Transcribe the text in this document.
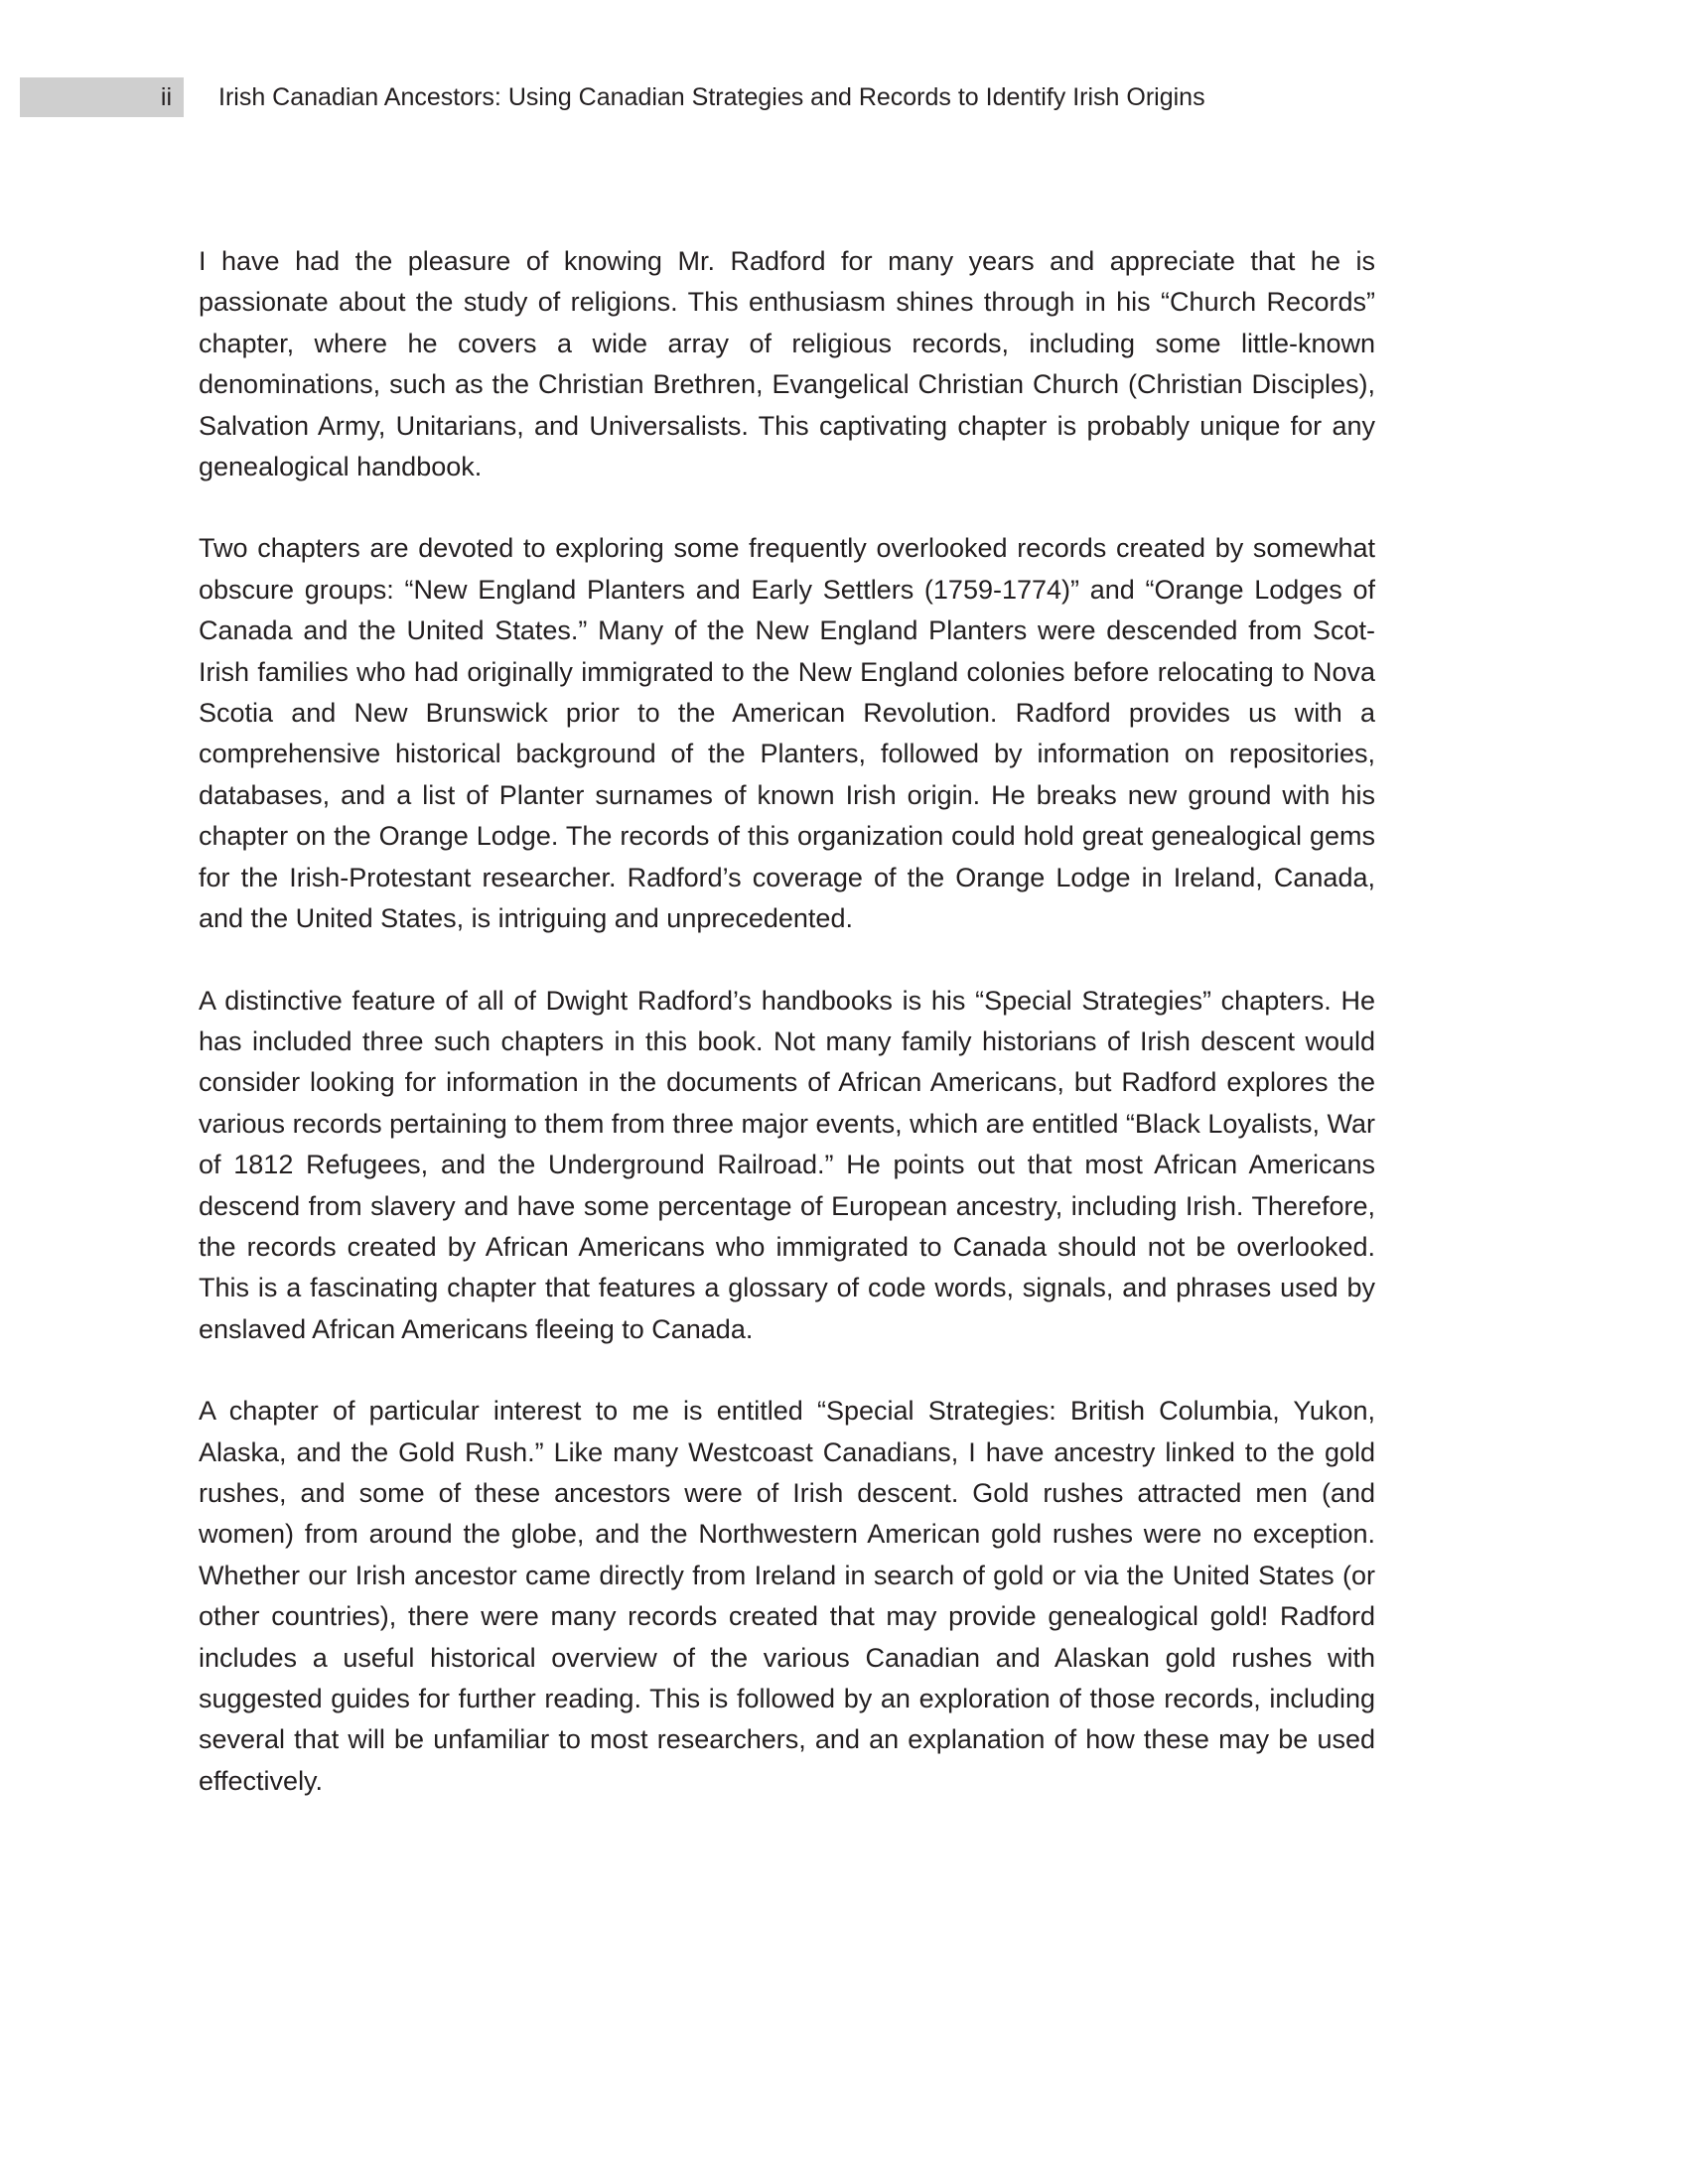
ii Irish Canadian Ancestors: Using Canadian Strategies and Records to Identify Irish Origins

I have had the pleasure of knowing Mr. Radford for many years and appreciate that he is passionate about the study of religions. This enthusiasm shines through in his “Church Records” chapter, where he covers a wide array of religious records, including some little-known denominations, such as the Christian Brethren, Evangelical Christian Church (Christian Disciples), Salvation Army, Unitarians, and Universalists. This captivating chapter is probably unique for any genealogical handbook.

Two chapters are devoted to exploring some frequently overlooked records created by somewhat obscure groups: “New England Planters and Early Settlers (1759-1774)” and “Orange Lodges of Canada and the United States.” Many of the New England Planters were descended from Scot-Irish families who had originally immigrated to the New England colonies before relocating to Nova Scotia and New Brunswick prior to the American Revolution. Radford provides us with a comprehensive historical background of the Planters, followed by information on repositories, databases, and a list of Planter surnames of known Irish origin. He breaks new ground with his chapter on the Orange Lodge. The records of this organization could hold great genealogical gems for the Irish-Protestant researcher. Radford’s coverage of the Orange Lodge in Ireland, Canada, and the United States, is intriguing and unprecedented.

A distinctive feature of all of Dwight Radford’s handbooks is his “Special Strategies” chapters. He has included three such chapters in this book. Not many family historians of Irish descent would consider looking for information in the documents of African Americans, but Radford explores the various records pertaining to them from three major events, which are entitled “Black Loyalists, War of 1812 Refugees, and the Underground Railroad.” He points out that most African Americans descend from slavery and have some percentage of European ancestry, including Irish. Therefore, the records created by African Americans who immigrated to Canada should not be overlooked. This is a fascinating chapter that features a glossary of code words, signals, and phrases used by enslaved African Americans fleeing to Canada.

A chapter of particular interest to me is entitled “Special Strategies: British Columbia, Yukon, Alaska, and the Gold Rush.” Like many Westcoast Canadians, I have ancestry linked to the gold rushes, and some of these ancestors were of Irish descent. Gold rushes attracted men (and women) from around the globe, and the Northwestern American gold rushes were no exception. Whether our Irish ancestor came directly from Ireland in search of gold or via the United States (or other countries), there were many records created that may provide genealogical gold! Radford includes a useful historical overview of the various Canadian and Alaskan gold rushes with suggested guides for further reading. This is followed by an exploration of those records, including several that will be unfamiliar to most researchers, and an explanation of how these may be used effectively.
